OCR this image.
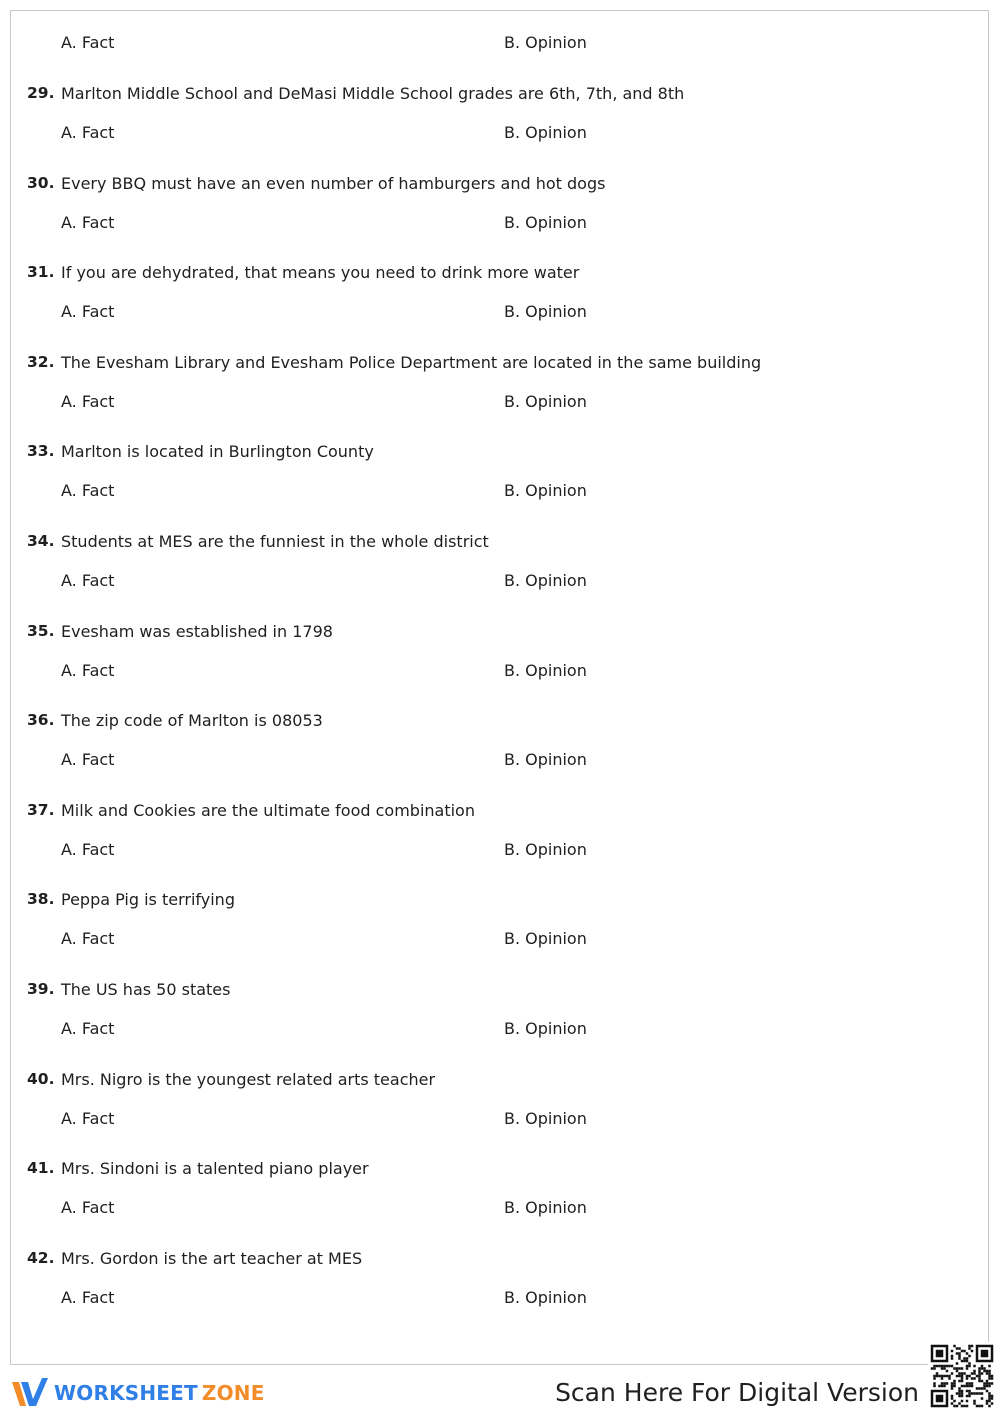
A. Fact	B. Opinion
29. Marlton Middle School and DeMasi Middle School grades are 6th, 7th, and 8th
A. Fact	B. Opinion
30. Every BBQ must have an even number of hamburgers and hot dogs
A. Fact	B. Opinion
31. If you are dehydrated, that means you need to drink more water
A. Fact	B. Opinion
32. The Evesham Library and Evesham Police Department are located in the same building
A. Fact	B. Opinion
33. Marlton is located in Burlington County
A. Fact	B. Opinion
34. Students at MES are the funniest in the whole district
A. Fact	B. Opinion
35. Evesham was established in 1798
A. Fact	B. Opinion
36. The zip code of Marlton is 08053
A. Fact	B. Opinion
37. Milk and Cookies are the ultimate food combination
A. Fact	B. Opinion
38. Peppa Pig is terrifying
A. Fact	B. Opinion
39. The US has 50 states
A. Fact	B. Opinion
40. Mrs. Nigro is the youngest related arts teacher
A. Fact	B. Opinion
41. Mrs. Sindoni is a talented piano player
A. Fact	B. Opinion
42. Mrs. Gordon is the art teacher at MES
A. Fact	B. Opinion
WORKSHEET ZONE	Scan Here For Digital Version
